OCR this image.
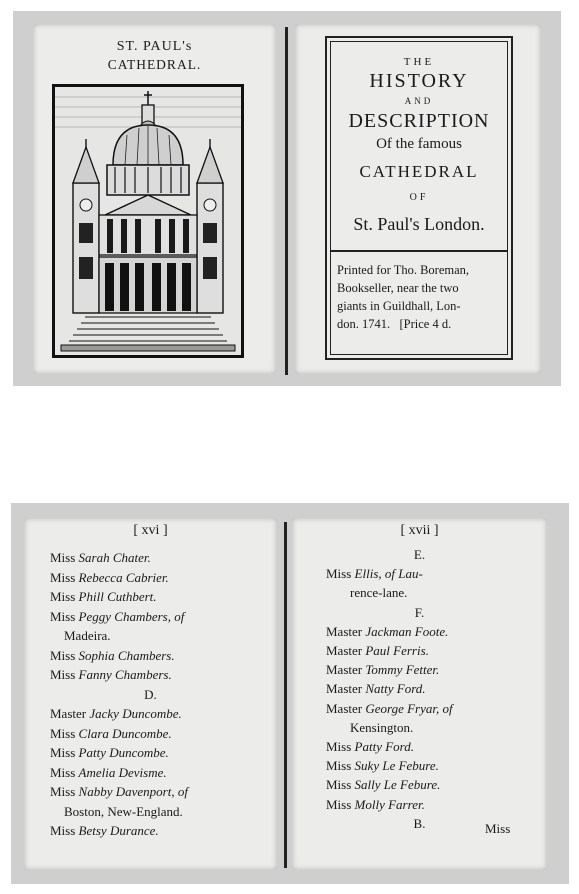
ST. PAUL's
CATHEDRAL.	THE
HISTORY
AND
DESCRIPTION
Of the famous
CATHEDRAL
OF
St. Paul's London.
Printed for Tho. Boreman,
Bookseller, near the two
giants in Guildhall, Lon-
don. 1741.   [Price 4 d.
[ xvi ]
Miss Sarah Chater.
Miss Rebecca Cabrier.
Miss Phill Cuthbert.
Miss Peggy Chambers, of
Madeira.
Miss Sophia Chambers.
Miss Fanny Chambers.
D.
Master Jacky Duncombe.
Miss Clara Duncombe.
Miss Patty Duncombe.
Miss Amelia Devisme.
Miss Nabby Davenport, of
Boston, New-England.
Miss Betsy Durance.
[ xvii ]
E.
Miss Ellis, of Lau-
rence-lane.
F.
Master Jackman Foote.
Master Paul Ferris.
Master Tommy Fetter.
Master Natty Ford.
Master George Fryar, of
Kensington.
Miss Patty Ford.
Miss Suky Le Febure.
Miss Sally Le Febure.
Miss Molly Farrer.
B.	Miss
